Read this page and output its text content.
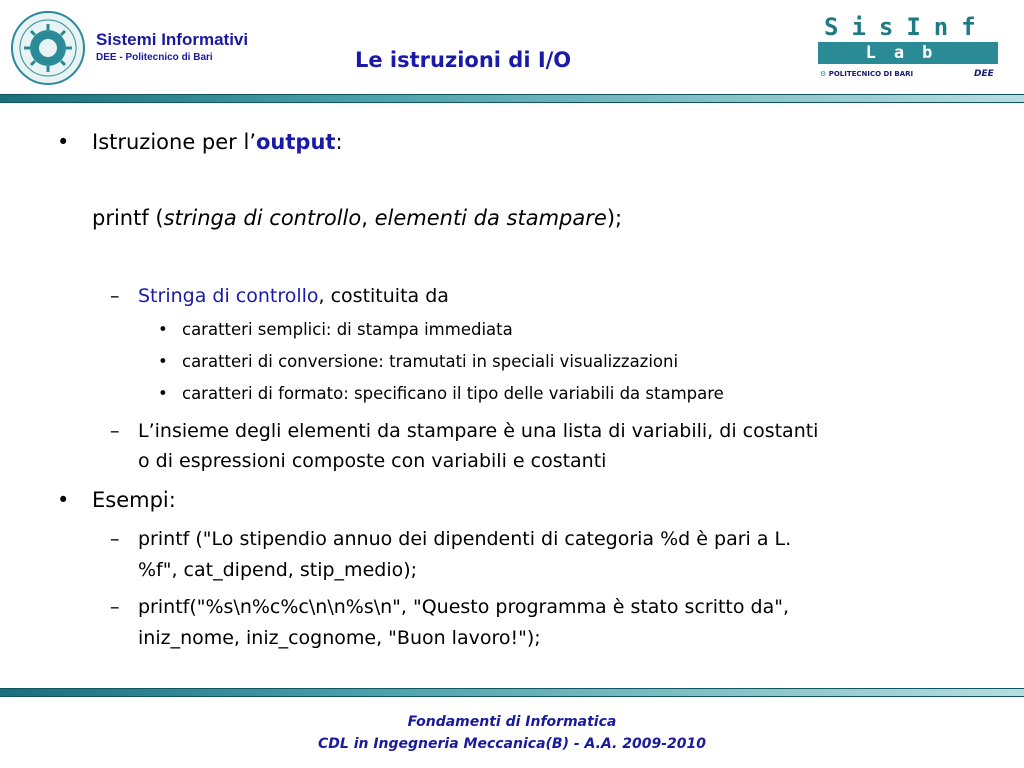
Sistemi Informativi
DEE - Politecnico di Bari	Le istruzioni di I/O
SisInf
Lab
⚙ POLITECNICO DI BARI	DEE
• Istruzione per l’output:
printf (stringa di controllo, elementi da stampare);
– Stringa di controllo, costituita da
• caratteri semplici: di stampa immediata
• caratteri di conversione: tramutati in speciali visualizzazioni
• caratteri di formato: specificano il tipo delle variabili da stampare
– L’insieme degli elementi da stampare è una lista di variabili, di costanti
o di espressioni composte con variabili e costanti
• Esempi:
– printf ("Lo stipendio annuo dei dipendenti di categoria %d è pari a L.
%f", cat_dipend, stip_medio);
– printf("%s\n%c%c\n\n%s\n", "Questo programma è stato scritto da",
iniz_nome, iniz_cognome, "Buon lavoro!");
Fondamenti di Informatica
CDL in Ingegneria Meccanica(B) - A.A. 2009-2010
